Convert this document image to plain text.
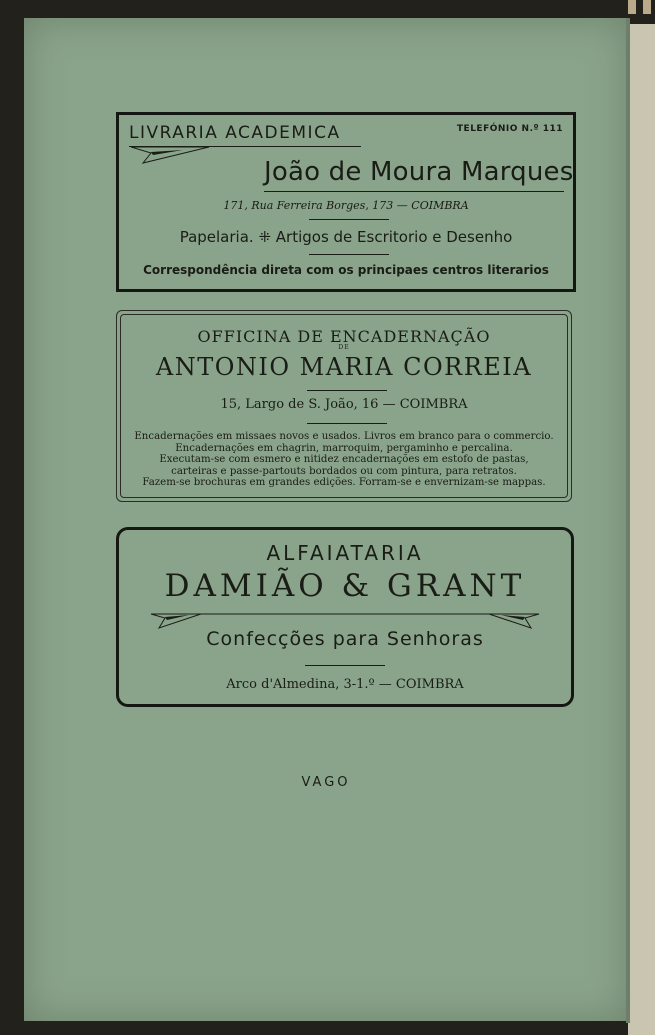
LIVRARIA ACADEMICA	TELEFÓNIO N.º 111
João de Moura Marques
171, Rua Ferreira Borges, 173 — COIMBRA
Papelaria. ⁜ Artigos de Escritorio e Desenho
Correspondência direta com os principaes centros literarios
OFFICINA DE ENCADERNAÇÃO
DE
ANTONIO MARIA CORREIA
15, Largo de S. João, 16 — COIMBRA
Encadernações em missaes novos e usados. Livros em branco para o commercio.
Encadernações em chagrin, marroquim, pergaminho e percalina.
Executam-se com esmero e nitidez encadernações em estofo de pastas,
carteiras e passe-partouts bordados ou com pintura, para retratos.
Fazem-se brochuras em grandes edições. Forram-se e envernizam-se mappas.
ALFAIATARIA
DAMIÃO & GRANT
Confecções para Senhoras
Arco d'Almedina, 3-1.º — COIMBRA
VAGO
